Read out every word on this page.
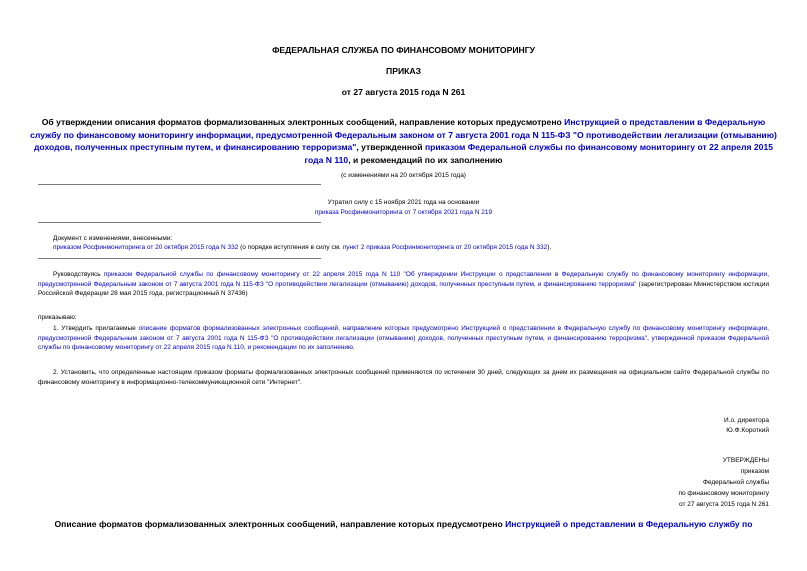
ФЕДЕРАЛЬНАЯ СЛУЖБА ПО ФИНАНСОВОМУ МОНИТОРИНГУ
ПРИКАЗ
от 27 августа 2015 года N 261
Об утверждении описания форматов формализованных электронных сообщений, направление которых предусмотрено Инструкцией о представлении в Федеральную службу по финансовому мониторингу информации, предусмотренной Федеральным законом от 7 августа 2001 года N 115-ФЗ "О противодействии легализации (отмыванию) доходов, полученных преступным путем, и финансированию терроризма", утвержденной приказом Федеральной службы по финансовому мониторингу от 22 апреля 2015 года N 110, и рекомендаций по их заполнению
(с изменениями на 20 октября 2015 года)
Утратил силу с 15 ноября 2021 года на основании
приказа Росфинмониторинга от 7 октября 2021 года N 219
Документ с изменениями, внесенными:
приказом Росфинмониторинга от 20 октября 2015 года N 332 (о порядке вступления в силу см. пункт 2 приказа Росфинмониторинга от 20 октября 2015 года N 332).
Руководствуясь приказом Федеральной службы по финансовому мониторингу от 22 апреля 2015 года N 110 "Об утверждении Инструкции о представлении в Федеральную службу по финансовому мониторингу информации, предусмотренной Федеральным законом от 7 августа 2001 года N 115-ФЗ "О противодействии легализации (отмыванию) доходов, полученных преступным путем, и финансированию терроризма" (зарегистрирован Министерством юстиции Российской Федерации 28 мая 2015 года, регистрационный N 37436)
приказываю:
1. Утвердить прилагаемые описание форматов формализованных электронных сообщений, направление которых предусмотрено Инструкцией о представлении в Федеральную службу по финансовому мониторингу информации, предусмотренной Федеральным законом от 7 августа 2001 года N 115-ФЗ "О противодействии легализации (отмыванию) доходов, полученных преступным путем, и финансированию терроризма", утвержденной приказом Федеральной службы по финансовому мониторингу от 22 апреля 2015 года N 110, и рекомендации по их заполнению.
2. Установить, что определенные настоящим приказом форматы формализованных электронных сообщений применяются по истечении 30 дней, следующих за днем их размещения на официальном сайте Федеральной службы по финансовому мониторингу в информационно-телекоммуникационной сети "Интернет".
И.о. директора
Ю.Ф.Короткий
УТВЕРЖДЕНЫ
приказом
Федеральной службы
по финансовому мониторингу
от 27 августа 2015 года N 261
Описание форматов формализованных электронных сообщений, направление которых предусмотрено Инструкцией о представлении в Федеральную службу по
